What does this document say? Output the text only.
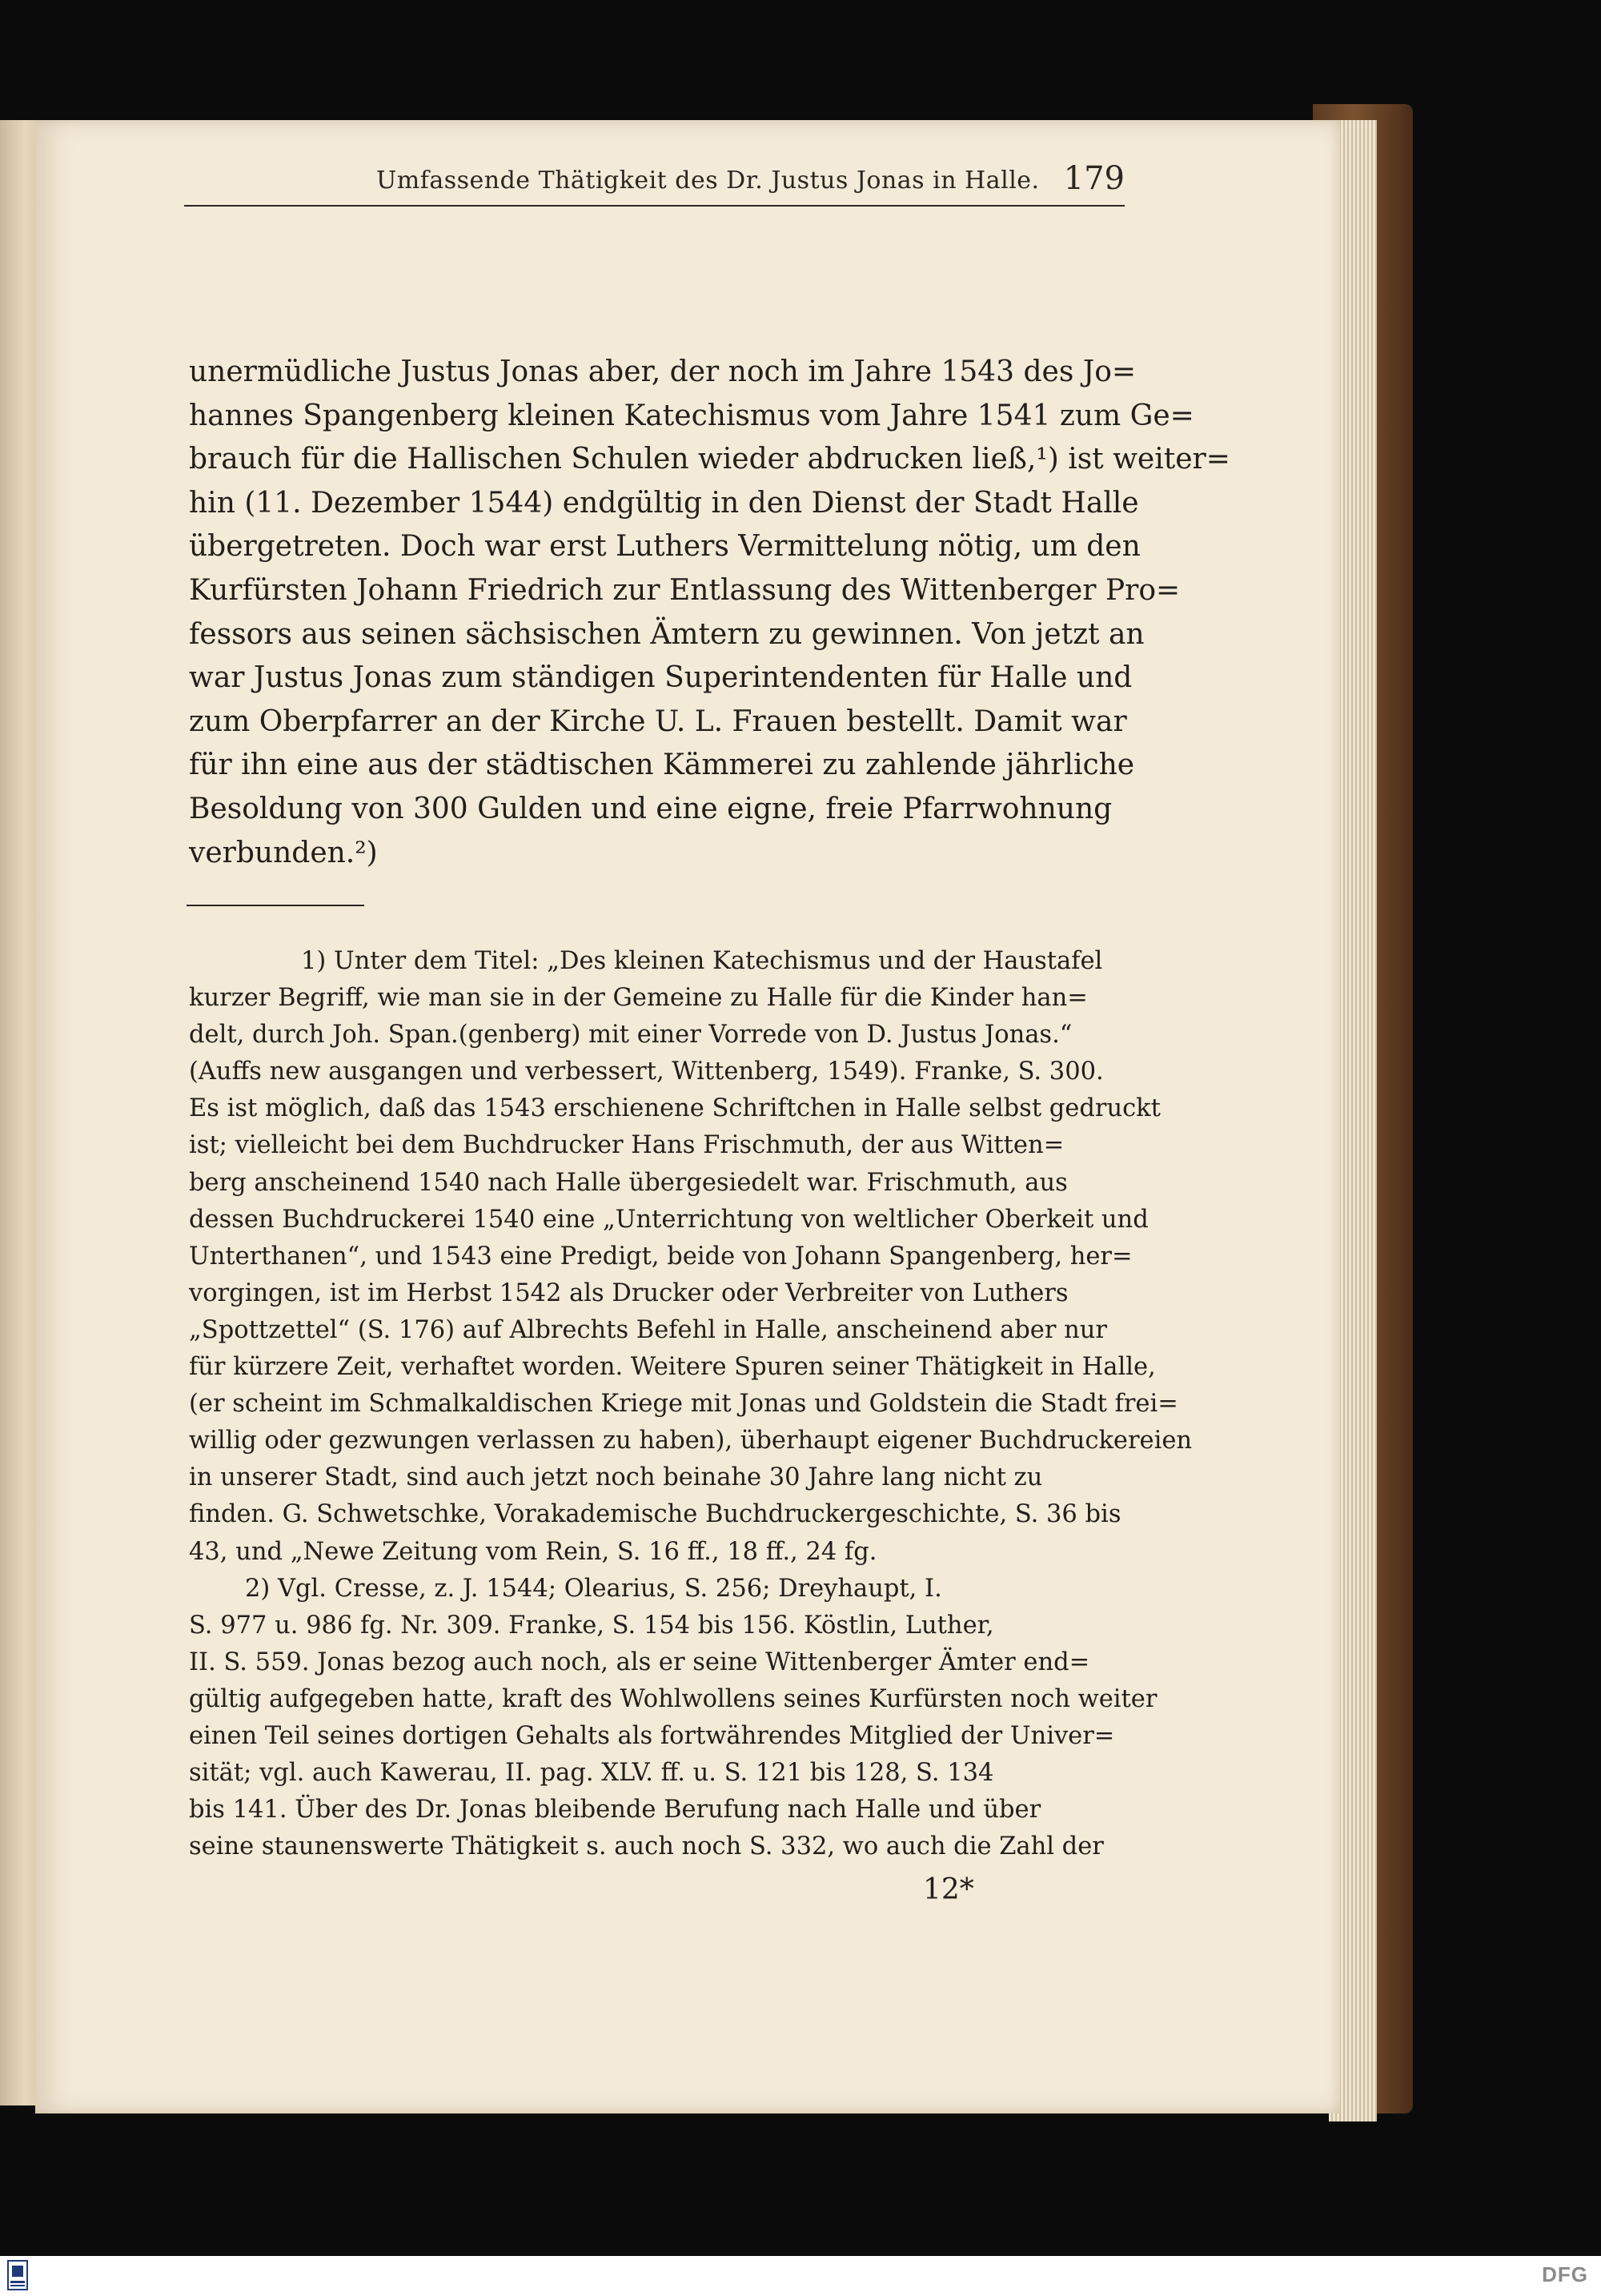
Umfassende Thätigkeit des Dr. Justus Jonas in Halle. 179
unermüdliche Justus Jonas aber, der noch im Jahre 1543 des Jo=
hannes Spangenberg kleinen Katechismus vom Jahre 1541 zum Ge=
brauch für die Hallischen Schulen wieder abdrucken ließ,¹) ist weiter=
hin (11. Dezember 1544) endgültig in den Dienst der Stadt Halle
übergetreten. Doch war erst Luthers Vermittelung nötig, um den
Kurfürsten Johann Friedrich zur Entlassung des Wittenberger Pro=
fessors aus seinen sächsischen Ämtern zu gewinnen. Von jetzt an
war Justus Jonas zum ständigen Superintendenten für Halle und
zum Oberpfarrer an der Kirche U. L. Frauen bestellt. Damit war
für ihn eine aus der städtischen Kämmerei zu zahlende jährliche
Besoldung von 300 Gulden und eine eigne, freie Pfarrwohnung
verbunden.²)
1) Unter dem Titel: „Des kleinen Katechismus und der Haustafel
kurzer Begriff, wie man sie in der Gemeine zu Halle für die Kinder han=
delt, durch Joh. Span.(genberg) mit einer Vorrede von D. Justus Jonas.“
(Auffs new ausgangen und verbessert, Wittenberg, 1549). Franke, S. 300.
Es ist möglich, daß das 1543 erschienene Schriftchen in Halle selbst gedruckt
ist; vielleicht bei dem Buchdrucker Hans Frischmuth, der aus Witten=
berg anscheinend 1540 nach Halle übergesiedelt war. Frischmuth, aus
dessen Buchdruckerei 1540 eine „Unterrichtung von weltlicher Oberkeit und
Unterthanen“, und 1543 eine Predigt, beide von Johann Spangenberg, her=
vorgingen, ist im Herbst 1542 als Drucker oder Verbreiter von Luthers
„Spottzettel“ (S. 176) auf Albrechts Befehl in Halle, anscheinend aber nur
für kürzere Zeit, verhaftet worden. Weitere Spuren seiner Thätigkeit in Halle,
(er scheint im Schmalkaldischen Kriege mit Jonas und Goldstein die Stadt frei=
willig oder gezwungen verlassen zu haben), überhaupt eigener Buchdruckereien
in unserer Stadt, sind auch jetzt noch beinahe 30 Jahre lang nicht zu
finden. G. Schwetschke, Vorakademische Buchdruckergeschichte, S. 36 bis
43, und „Newe Zeitung vom Rein, S. 16 ff., 18 ff., 24 fg.
2) Vgl. Cresse, z. J. 1544; Olearius, S. 256; Dreyhaupt, I.
S. 977 u. 986 fg. Nr. 309. Franke, S. 154 bis 156. Köstlin, Luther,
II. S. 559. Jonas bezog auch noch, als er seine Wittenberger Ämter end=
gültig aufgegeben hatte, kraft des Wohlwollens seines Kurfürsten noch weiter
einen Teil seines dortigen Gehalts als fortwährendes Mitglied der Univer=
sität; vgl. auch Kawerau, II. pag. XLV. ff. u. S. 121 bis 128, S. 134
bis 141. Über des Dr. Jonas bleibende Berufung nach Halle und über
seine staunenswerte Thätigkeit s. auch noch S. 332, wo auch die Zahl der
12*
DFG
